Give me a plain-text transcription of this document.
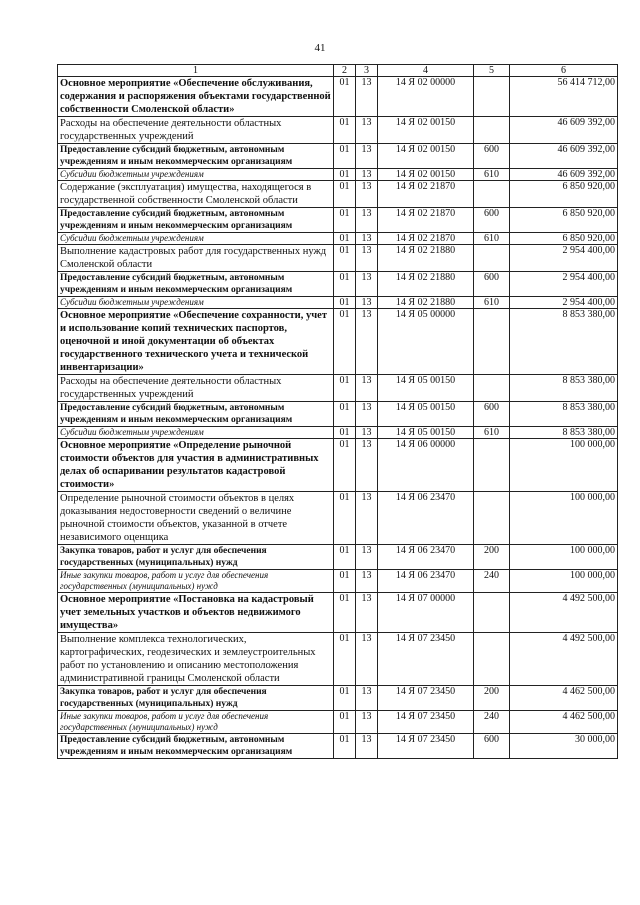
41
1	2	3	4	5	6
Основное мероприятие «Обеспечение обслуживания, содержания и распоряжения объектами государственной собственности Смоленской области»	01	13	14 Я 02 00000		56 414 712,00
Расходы на обеспечение деятельности областных государственных учреждений	01	13	14 Я 02 00150		46 609 392,00
Предоставление субсидий бюджетным, автономным учреждениям и иным некоммерческим организациям	01	13	14 Я 02 00150	600	46 609 392,00
Субсидии бюджетным учреждениям	01	13	14 Я 02 00150	610	46 609 392,00
Содержание (эксплуатация) имущества, находящегося в государственной собственности Смоленской области	01	13	14 Я 02 21870		6 850 920,00
Предоставление субсидий бюджетным, автономным учреждениям и иным некоммерческим организациям	01	13	14 Я 02 21870	600	6 850 920,00
Субсидии бюджетным учреждениям	01	13	14 Я 02 21870	610	6 850 920,00
Выполнение кадастровых работ для государственных нужд Смоленской области	01	13	14 Я 02 21880		2 954 400,00
Предоставление субсидий бюджетным, автономным учреждениям и иным некоммерческим организациям	01	13	14 Я 02 21880	600	2 954 400,00
Субсидии бюджетным учреждениям	01	13	14 Я 02 21880	610	2 954 400,00
Основное мероприятие «Обеспечение сохранности, учет и использование копий технических паспортов, оценочной и иной документации об объектах государственного технического учета и технической инвентаризации»	01	13	14 Я 05 00000		8 853 380,00
Расходы на обеспечение деятельности областных государственных учреждений	01	13	14 Я 05 00150		8 853 380,00
Предоставление субсидий бюджетным, автономным учреждениям и иным некоммерческим организациям	01	13	14 Я 05 00150	600	8 853 380,00
Субсидии бюджетным учреждениям	01	13	14 Я 05 00150	610	8 853 380,00
Основное мероприятие «Определение рыночной стоимости объектов для участия в административных делах об оспаривании результатов кадастровой стоимости»	01	13	14 Я 06 00000		100 000,00
Определение рыночной стоимости объектов в целях доказывания недостоверности сведений о величине рыночной стоимости объектов, указанной в отчете независимого оценщика	01	13	14 Я 06 23470		100 000,00
Закупка товаров, работ и услуг для обеспечения государственных (муниципальных) нужд	01	13	14 Я 06 23470	200	100 000,00
Иные закупки товаров, работ и услуг для обеспечения государственных (муниципальных) нужд	01	13	14 Я 06 23470	240	100 000,00
Основное мероприятие «Постановка на кадастровый учет земельных участков и объектов недвижимого имущества»	01	13	14 Я 07 00000		4 492 500,00
Выполнение комплекса технологических, картографических, геодезических и землеустроительных работ по установлению и описанию местоположения административной границы Смоленской области	01	13	14 Я 07 23450		4 492 500,00
Закупка товаров, работ и услуг для обеспечения государственных (муниципальных) нужд	01	13	14 Я 07 23450	200	4 462 500,00
Иные закупки товаров, работ и услуг для обеспечения государственных (муниципальных) нужд	01	13	14 Я 07 23450	240	4 462 500,00
Предоставление субсидий бюджетным, автономным учреждениям и иным некоммерческим организациям	01	13	14 Я 07 23450	600	30 000,00
